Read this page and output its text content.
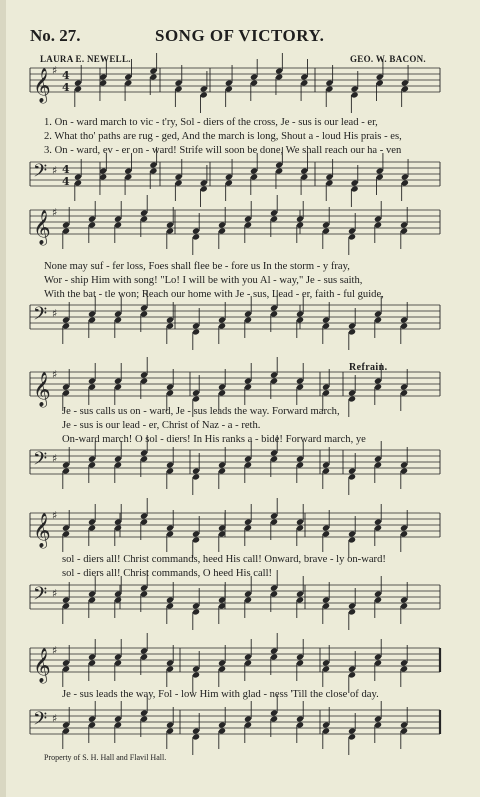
No. 27.	SONG OF VICTORY.
LAURA E. NEWELL.	GEO. W. BACON.
𝄞 ♯ 4
4
𝄢 ♯ 4
4
𝄞 ♯
𝄢 ♯
𝄞 ♯
𝄢 ♯
𝄞 ♯
𝄢 ♯
𝄞 ♯
𝄢 ♯
1. On - ward march to vic - t'ry, Sol - diers of the cross, Je - sus is our lead - er,
2. What tho' paths are rug - ged, And the march is long, Shout a - loud His prais - es,
3. On - ward, ev - er on - ward! Strife will soon be done, We shall reach our ha - ven
None may suf - fer loss, Foes shall flee be - fore us In the storm - y fray,
Wor - ship Him with song! "Lo! I will be with you Al - way," Je - sus saith,
With the bat - tle won; Reach our home with Je - sus, Lead - er, faith - ful guide,
Refrain.
Je - sus calls us on - ward, Je - sus leads the way. Forward march,
Je - sus is our lead - er, Christ of Naz - a - reth.
On-ward march! O sol - diers! In His ranks a - bide! Forward march, ye
sol - diers all! Christ commands, heed His call! Onward, brave - ly on-ward!
sol - diers all! Christ commands, O heed His call!
Je - sus leads the way, Fol - low Him with glad - ness 'Till the close of day.
Property of S. H. Hall and Flavil Hall.
